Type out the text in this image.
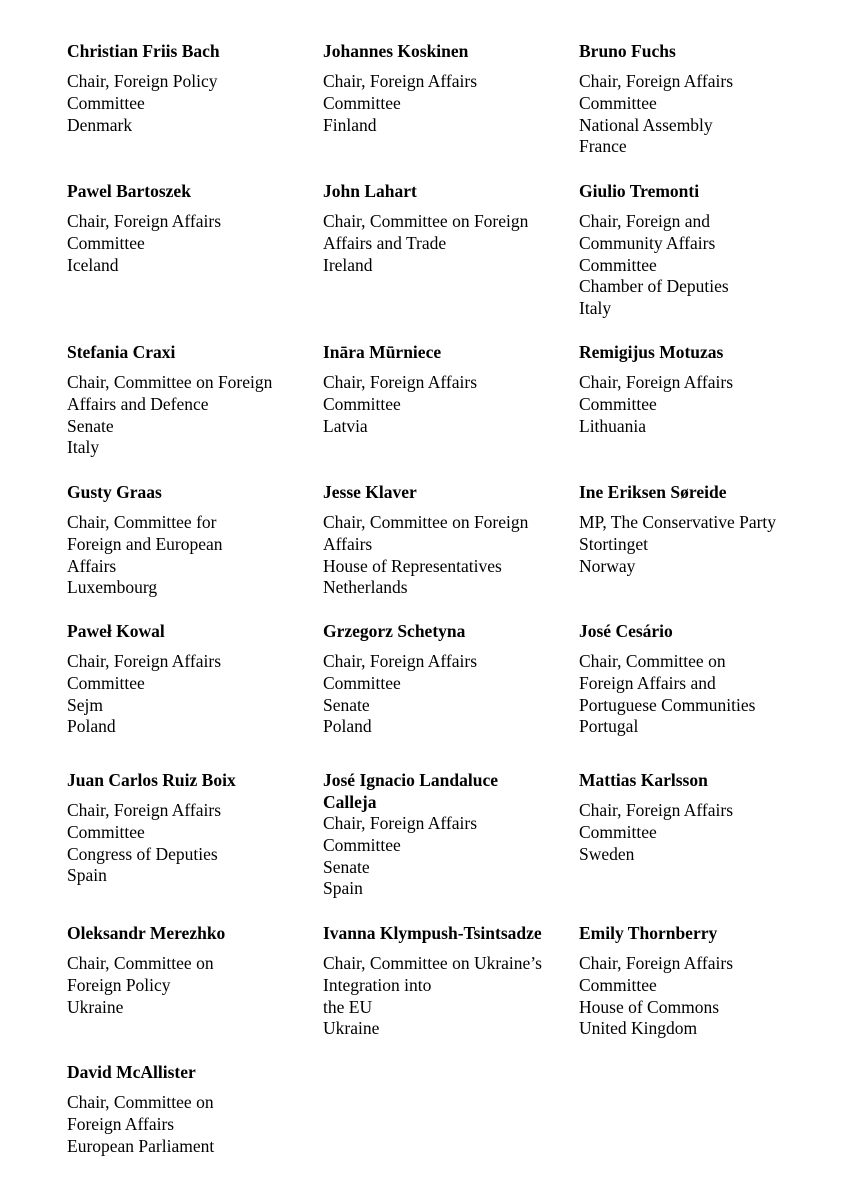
Christian Friis Bach

Chair, Foreign Policy

Committee

Denmark

Johannes Koskinen

Chair, Foreign Affairs

Committee

Finland

Bruno Fuchs

Chair, Foreign Affairs

Committee

National Assembly

France

Pawel Bartoszek

Chair, Foreign Affairs

Committee

Iceland

John Lahart

Chair, Committee on Foreign

Affairs and Trade

Ireland

Giulio Tremonti

Chair, Foreign and

Community Affairs

Committee

Chamber of Deputies

Italy

Stefania Craxi

Chair, Committee on Foreign

Affairs and Defence

Senate

Italy

Ināra Mūrniece

Chair, Foreign Affairs

Committee

Latvia

Remigijus Motuzas

Chair, Foreign Affairs

Committee

Lithuania

Gusty Graas

Chair, Committee for

Foreign and European

Affairs

Luxembourg

Jesse Klaver

Chair, Committee on Foreign

Affairs

House of Representatives

Netherlands

Ine Eriksen Søreide

MP, The Conservative Party

Stortinget

Norway

Paweł Kowal

Chair, Foreign Affairs

Committee

Sejm

Poland

Grzegorz Schetyna

Chair, Foreign Affairs

Committee

Senate

Poland

José Cesário

Chair, Committee on

Foreign Affairs and

Portuguese Communities

Portugal

Juan Carlos Ruiz Boix

Chair, Foreign Affairs

Committee

Congress of Deputies

Spain

José Ignacio Landaluce
Calleja

Chair, Foreign Affairs

Committee

Senate

Spain

Mattias Karlsson

Chair, Foreign Affairs

Committee

Sweden

Oleksandr Merezhko

Chair, Committee on

Foreign Policy

Ukraine

Ivanna Klympush-Tsintsadze

Chair, Committee on Ukraine’s

Integration into

the EU

Ukraine

Emily Thornberry

Chair, Foreign Affairs

Committee

House of Commons

United Kingdom

David McAllister

Chair, Committee on

Foreign Affairs

European Parliament
